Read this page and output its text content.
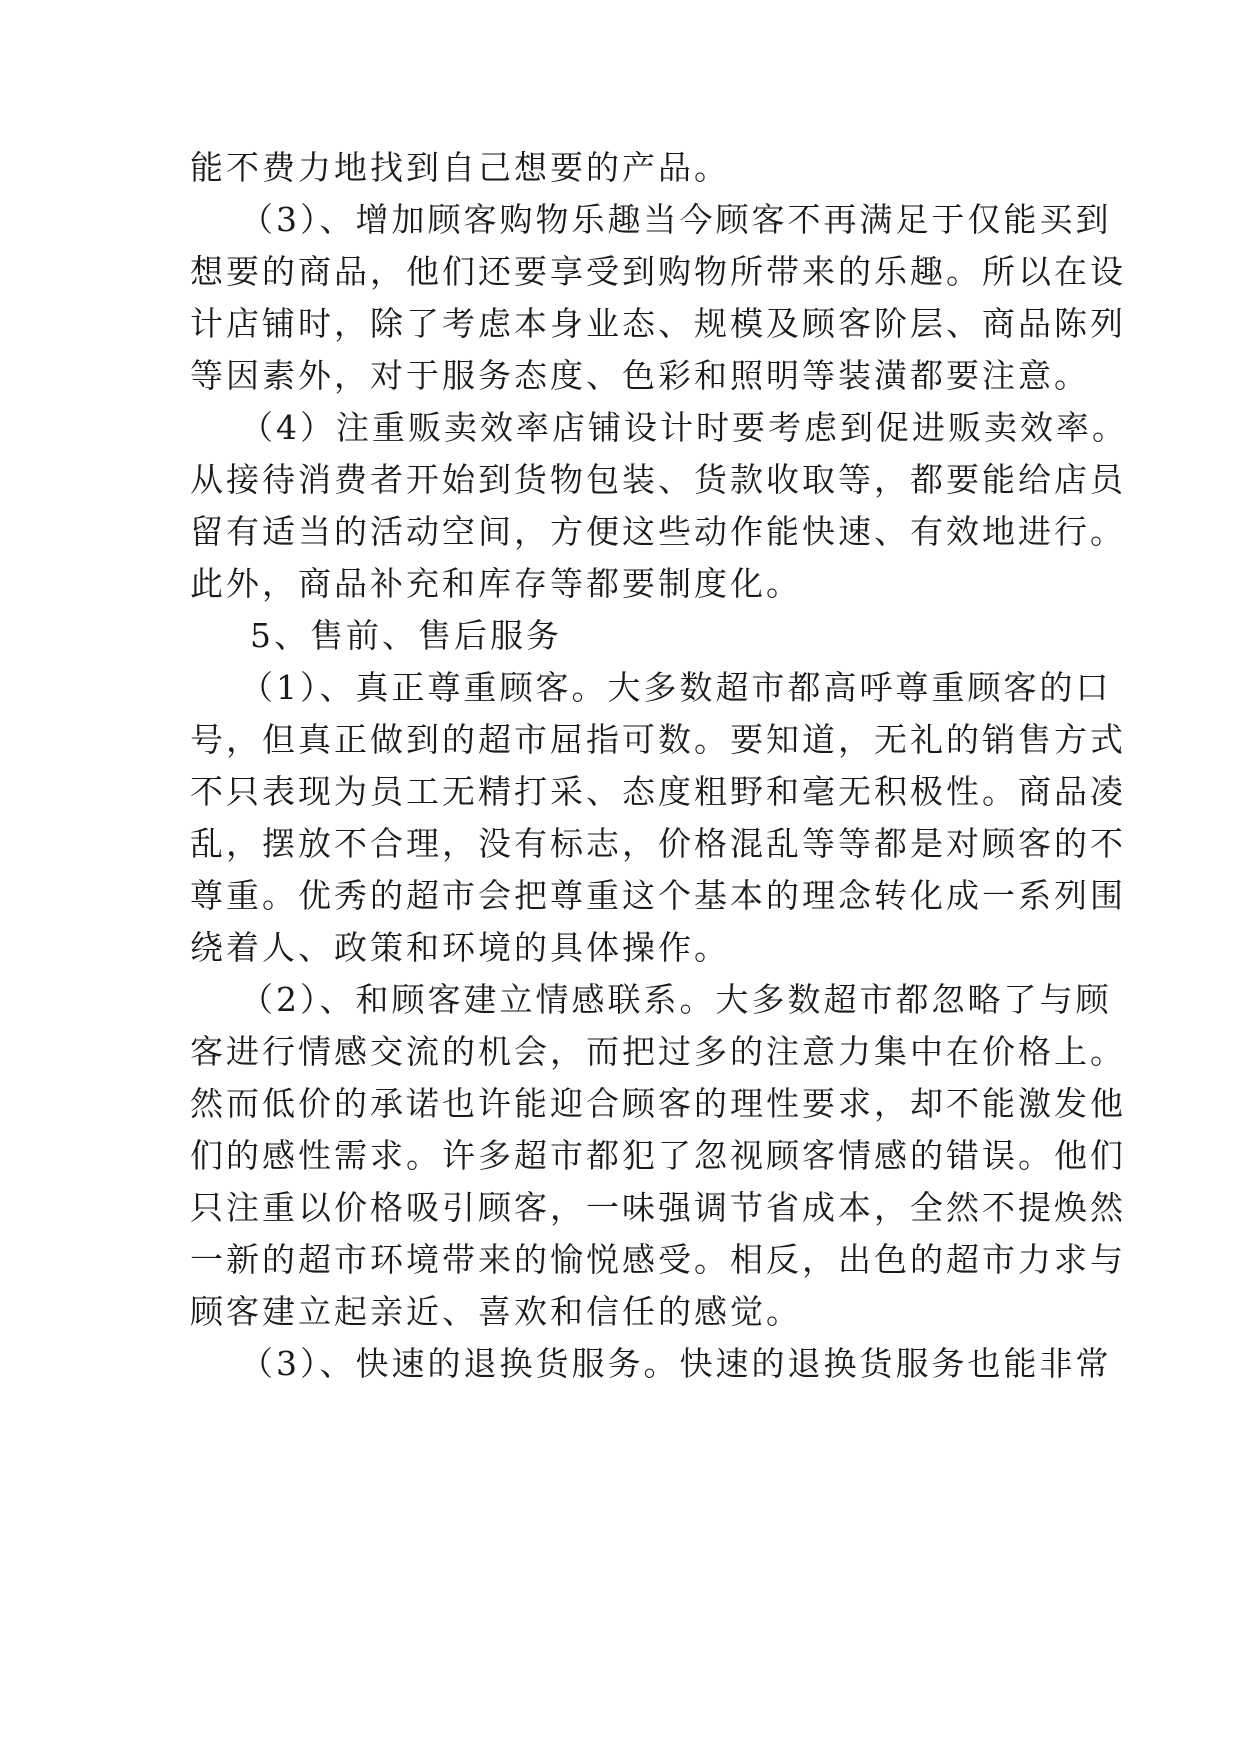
能不费力地找到自己想要的产品。
（3）、增加顾客购物乐趣当今顾客不再满足于仅能买到
想要的商品，他们还要享受到购物所带来的乐趣。所以在设
计店铺时，除了考虑本身业态、规模及顾客阶层、商品陈列
等因素外，对于服务态度、色彩和照明等装潢都要注意。
（4）注重贩卖效率店铺设计时要考虑到促进贩卖效率。
从接待消费者开始到货物包装、货款收取等，都要能给店员
留有适当的活动空间，方便这些动作能快速、有效地进行。
此外，商品补充和库存等都要制度化。
5、售前、售后服务
（1）、真正尊重顾客。大多数超市都高呼尊重顾客的口
号，但真正做到的超市屈指可数。要知道，无礼的销售方式
不只表现为员工无精打采、态度粗野和毫无积极性。商品凌
乱，摆放不合理，没有标志，价格混乱等等都是对顾客的不
尊重。优秀的超市会把尊重这个基本的理念转化成一系列围
绕着人、政策和环境的具体操作。
（2）、和顾客建立情感联系。大多数超市都忽略了与顾
客进行情感交流的机会，而把过多的注意力集中在价格上。
然而低价的承诺也许能迎合顾客的理性要求，却不能激发他
们的感性需求。许多超市都犯了忽视顾客情感的错误。他们
只注重以价格吸引顾客，一味强调节省成本，全然不提焕然
一新的超市环境带来的愉悦感受。相反，出色的超市力求与
顾客建立起亲近、喜欢和信任的感觉。
（3）、快速的退换货服务。快速的退换货服务也能非常
